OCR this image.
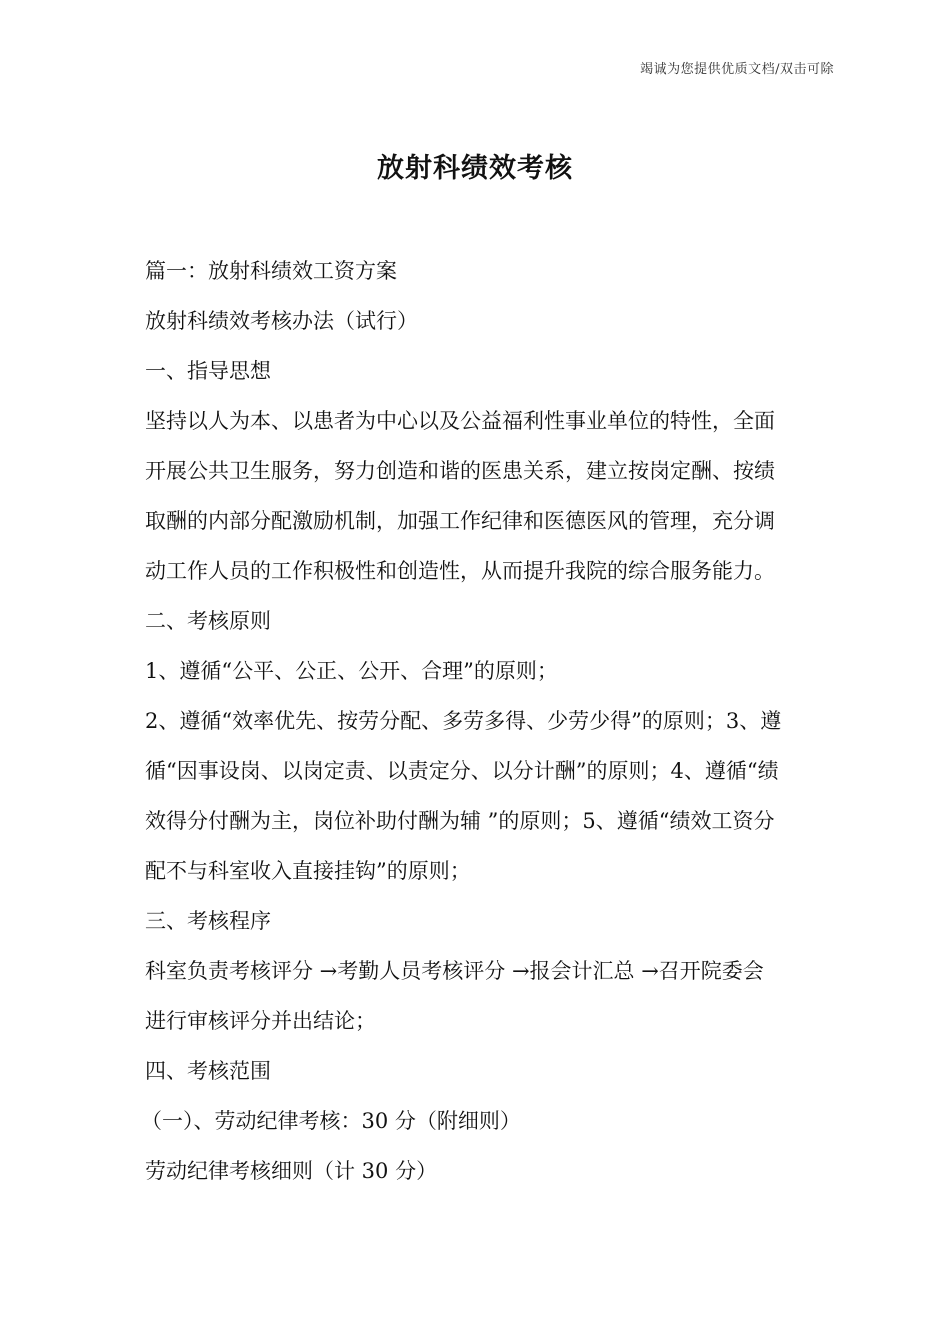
竭诚为您提供优质文档/双击可除
放射科绩效考核

篇一：放射科绩效工资方案

放射科绩效考核办法（试行）

一、指导思想

坚持以人为本、以患者为中心以及公益福利性事业单位的特性，全面

开展公共卫生服务，努力创造和谐的医患关系，建立按岗定酬、按绩

取酬的内部分配激励机制，加强工作纪律和医德医风的管理，充分调

动工作人员的工作积极性和创造性，从而提升我院的综合服务能力。

二、考核原则

1、遵循“公平、公正、公开、合理”的原则；

2、遵循“效率优先、按劳分配、多劳多得、少劳少得”的原则；3、遵

循“因事设岗、以岗定责、以责定分、以分计酬”的原则；4、遵循“绩

效得分付酬为主，岗位补助付酬为辅 ”的原则；5、遵循“绩效工资分

配不与科室收入直接挂钩”的原则；

三、考核程序

科室负责考核评分 →考勤人员考核评分 →报会计汇总 →召开院委会

进行审核评分并出结论；

四、考核范围

（一）、劳动纪律考核：30 分（附细则）

劳动纪律考核细则（计 30 分）
